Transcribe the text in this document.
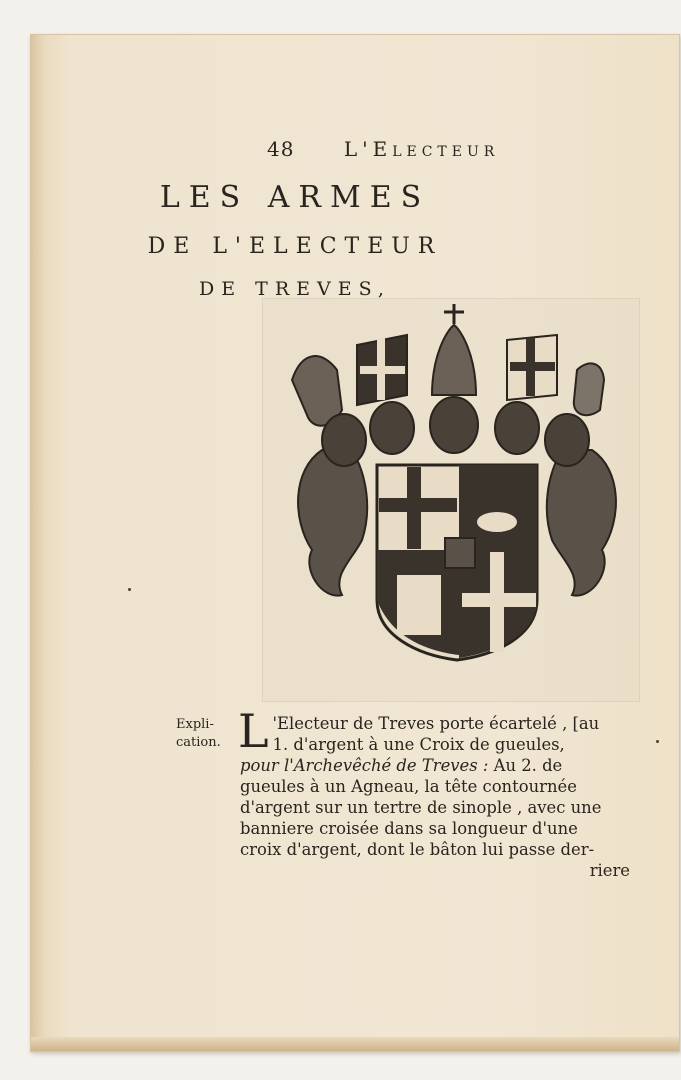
48 L'Electeur
LES ARMES
DE L'ELECTEUR
DE TREVES,
Expli-
cation. L 'Electeur de Treves porte écartelé , [au
1. d'argent à une Croix de gueules,
pour l'Archevêché de Treves : Au 2. de
gueules à un Agneau, la tête contournée
d'argent sur un tertre de sinople , avec une
banniere croisée dans sa longueur d'une
croix d'argent, dont le bâton lui passe der-

riere
